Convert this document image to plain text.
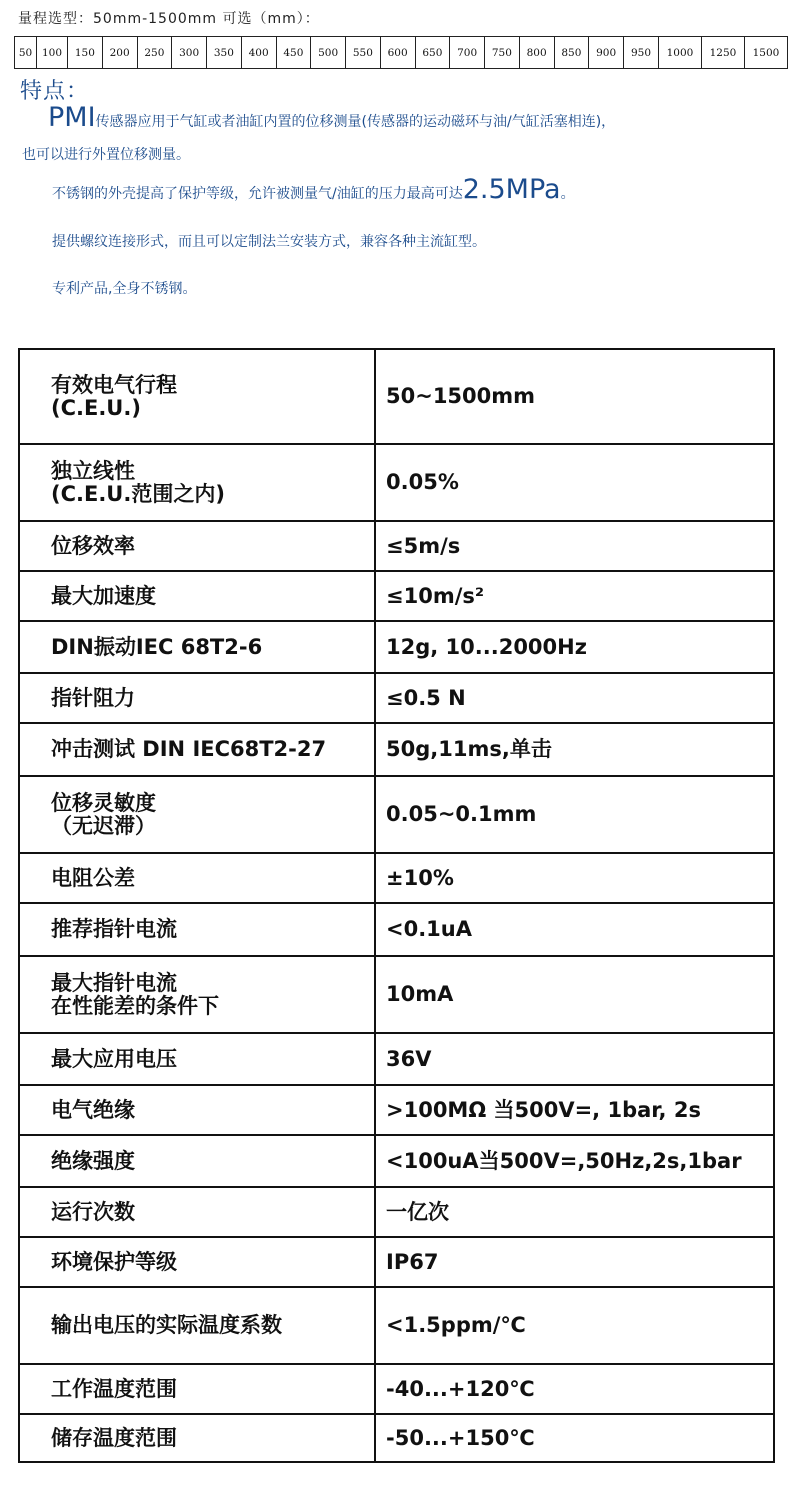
量程选型：50mm-1500mm 可选（mm）：
50	100	150	200	250	300	350	400	450	500	550	600	650	700	750	800	850	900	950	1000	1250	1500
特点：
PMI传感器应用于气缸或者油缸内置的位移测量(传感器的运动磁环与油/气缸活塞相连)，
也可以进行外置位移测量。
不锈钢的外壳提高了保护等级，允许被测量气/油缸的压力最高可达2.5MPa。
提供螺纹连接形式，而且可以定制法兰安装方式，兼容各种主流缸型。
专利产品,全身不锈钢。
有效电气行程
(C.E.U.)	50~1500mm

独立线性
(C.E.U.范围之内)	0.05%

位移效率	≤5m/s

最大加速度	≤10m/s²

DIN振动IEC 68T2-6	12g, 10...2000Hz

指针阻力	≤0.5 N

冲击测试 DIN IEC68T2-27	50g,11ms,单击

位移灵敏度
（无迟滞）	0.05~0.1mm

电阻公差	±10%

推荐指针电流	<0.1uA

最大指针电流
在性能差的条件下	10mA

最大应用电压	36V

电气绝缘	>100MΩ 当500V=, 1bar, 2s

绝缘强度	<100uA当500V=,50Hz,2s,1bar

运行次数	一亿次

环境保护等级	IP67

输出电压的实际温度系数	<1.5ppm/℃

工作温度范围	-40...+120℃

储存温度范围	-50...+150℃
